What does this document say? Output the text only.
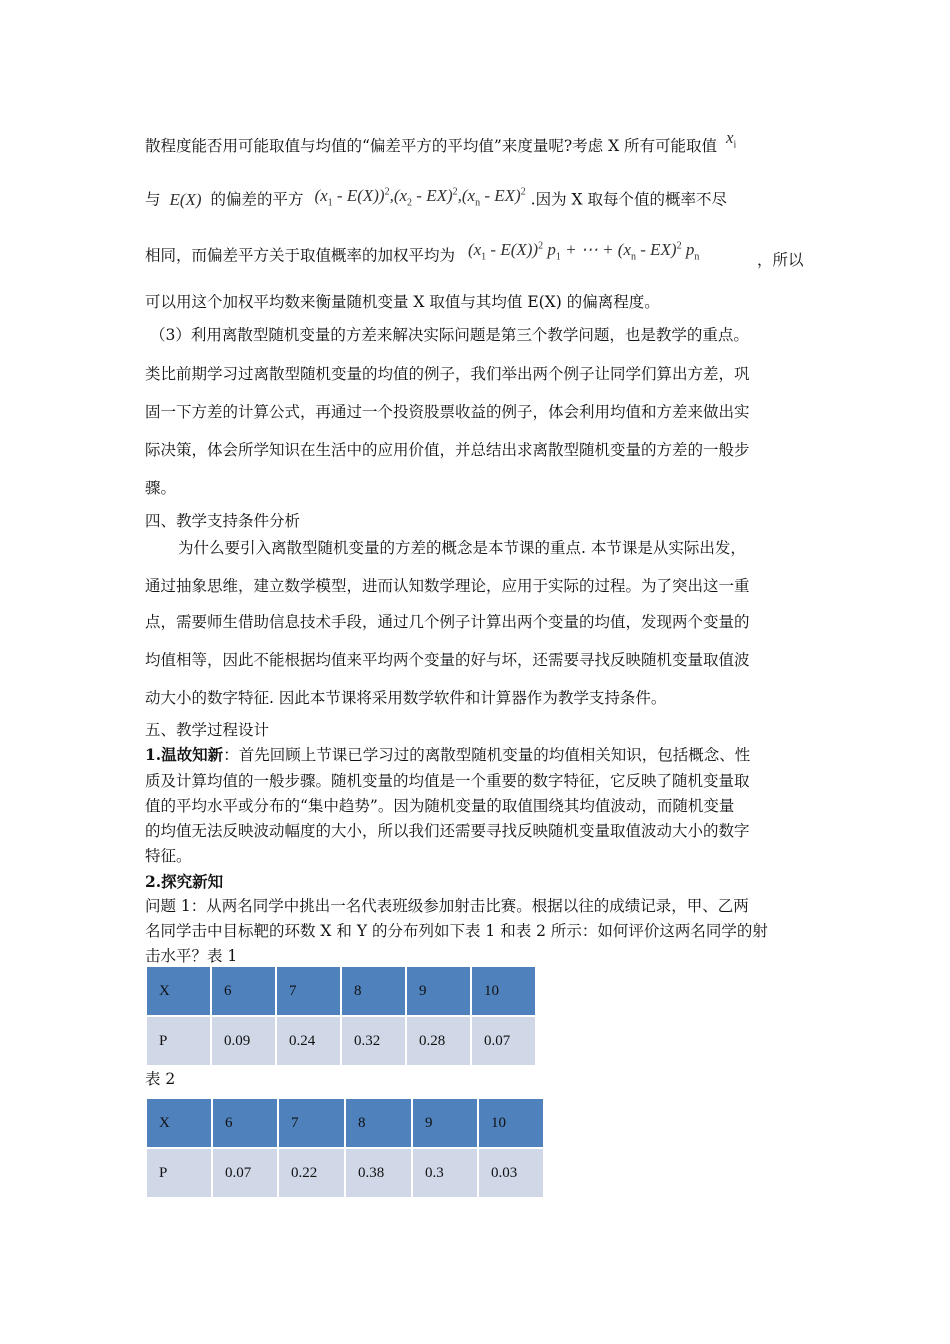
散程度能否用可能取值与均值的“偏差平方的平均值”来度量呢?考虑 X 所有可能取值 $x_i$
与 E(X) 的偏差的平方 $(x_1 - E(X))^2,(x_2 - EX)^2,(x_n - EX)^2$ .因为 X 取每个值的概率不尽
相同，而偏差平方关于取值概率的加权平均为 $(x_1 - E(X))^2$ $p_1$ + ⋯ + $(x_n - EX)^2$ $p_n$	，所以
可以用这个加权平均数来衡量随机变量 X 取值与其均值 E(X) 的偏离程度。
（3）利用离散型随机变量的方差来解决实际问题是第三个教学问题，也是教学的重点。
类比前期学习过离散型随机变量的均值的例子，我们举出两个例子让同学们算出方差，巩
固一下方差的计算公式，再通过一个投资股票收益的例子，体会利用均值和方差来做出实
际决策，体会所学知识在生活中的应用价值，并总结出求离散型随机变量的方差的一般步
骤。
四、教学支持条件分析
为什么要引入离散型随机变量的方差的概念是本节课的重点. 本节课是从实际出发，
通过抽象思维，建立数学模型，进而认知数学理论，应用于实际的过程。为了突出这一重
点，需要师生借助信息技术手段，通过几个例子计算出两个变量的均值，发现两个变量的
均值相等，因此不能根据均值来平均两个变量的好与坏，还需要寻找反映随机变量取值波
动大小的数字特征. 因此本节课将采用数学软件和计算器作为教学支持条件。
五、教学过程设计
1.温故知新：首先回顾上节课已学习过的离散型随机变量的均值相关知识，包括概念、性
质及计算均值的一般步骤。随机变量的均值是一个重要的数字特征，它反映了随机变量取
值的平均水平或分布的“集中趋势”。因为随机变量的取值围绕其均值波动，而随机变量
的均值无法反映波动幅度的大小，所以我们还需要寻找反映随机变量取值波动大小的数字
特征。
2.探究新知
问题 1：从两名同学中挑出一名代表班级参加射击比赛。根据以往的成绩记录，甲、乙两
名同学击中目标靶的环数 X 和 Y 的分布列如下表 1 和表 2 所示：如何评价这两名同学的射
击水平？表 1
X	6	7	8	9	10
P	0.09	0.24	0.32	0.28	0.07
表 2
X	6	7	8	9	10
P	0.07	0.22	0.38	0.3	0.03
